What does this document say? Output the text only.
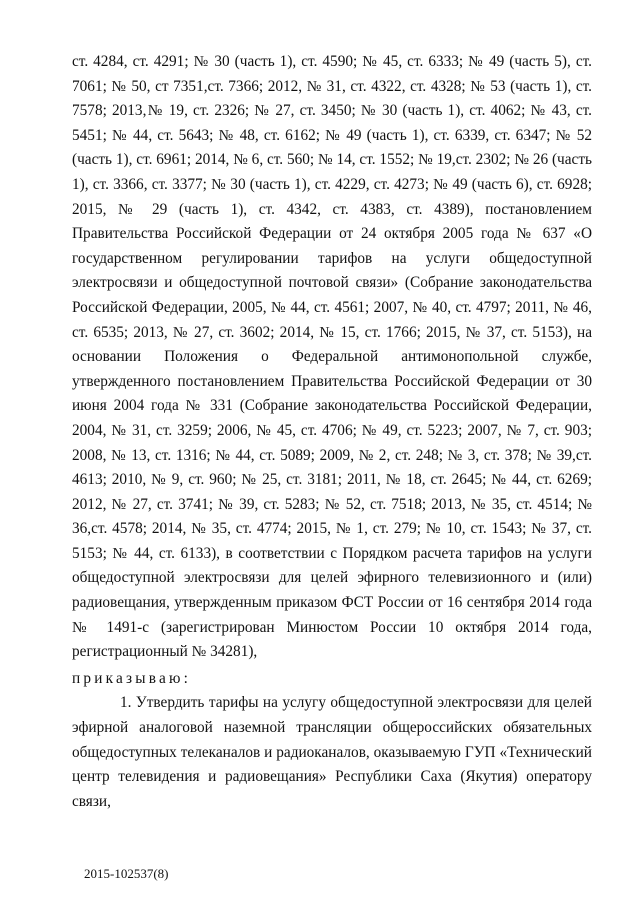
ст. 4284, ст. 4291; № 30 (часть 1), ст. 4590; № 45, ст. 6333; № 49 (часть 5), ст. 7061; № 50, ст 7351,ст. 7366; 2012, № 31, ст. 4322, ст. 4328; № 53 (часть 1), ст. 7578; 2013,№ 19, ст. 2326; № 27, ст. 3450; № 30 (часть 1), ст. 4062; № 43, ст. 5451; № 44, ст. 5643; № 48, ст. 6162; № 49 (часть 1), ст. 6339, ст. 6347; № 52 (часть 1), ст. 6961; 2014, № 6, ст. 560; № 14, ст. 1552; № 19,ст. 2302; № 26 (часть 1), ст. 3366, ст. 3377; № 30 (часть 1), ст. 4229, ст. 4273; № 49 (часть 6), ст. 6928; 2015, № 29 (часть 1), ст. 4342, ст. 4383, ст. 4389), постановлением Правительства Российской Федерации от 24 октября 2005 года № 637 «О государственном регулировании тарифов на услуги общедоступной электросвязи и общедоступной почтовой связи» (Собрание законодательства Российской Федерации, 2005, № 44, ст. 4561; 2007, № 40, ст. 4797; 2011, № 46, ст. 6535; 2013, № 27, ст. 3602; 2014, № 15, ст. 1766; 2015, № 37, ст. 5153), на основании Положения о Федеральной антимонопольной службе, утвержденного постановлением Правительства Российской Федерации от 30 июня 2004 года № 331 (Собрание законодательства Российской Федерации, 2004, № 31, ст. 3259; 2006, № 45, ст. 4706; № 49, ст. 5223; 2007, № 7, ст. 903; 2008, № 13, ст. 1316; № 44, ст. 5089; 2009, № 2, ст. 248; № 3, ст. 378; № 39,ст. 4613; 2010, № 9, ст. 960; № 25, ст. 3181; 2011, № 18, ст. 2645; № 44, ст. 6269; 2012, № 27, ст. 3741; № 39, ст. 5283; № 52, ст. 7518; 2013, № 35, ст. 4514; № 36,ст. 4578; 2014, № 35, ст. 4774; 2015, № 1, ст. 279; № 10, ст. 1543; № 37, ст. 5153; № 44, ст. 6133), в соответствии с Порядком расчета тарифов на услуги общедоступной электросвязи для целей эфирного телевизионного и (или) радиовещания, утвержденным приказом ФСТ России от 16 сентября 2014 года № 1491-с (зарегистрирован Минюстом России 10 октября 2014 года, регистрационный № 34281),

приказываю:

1. Утвердить тарифы на услугу общедоступной электросвязи для целей эфирной аналоговой наземной трансляции общероссийских обязательных общедоступных телеканалов и радиоканалов, оказываемую ГУП «Технический центр телевидения и радиовещания» Республики Саха (Якутия) оператору связи,

2015-102537(8)
